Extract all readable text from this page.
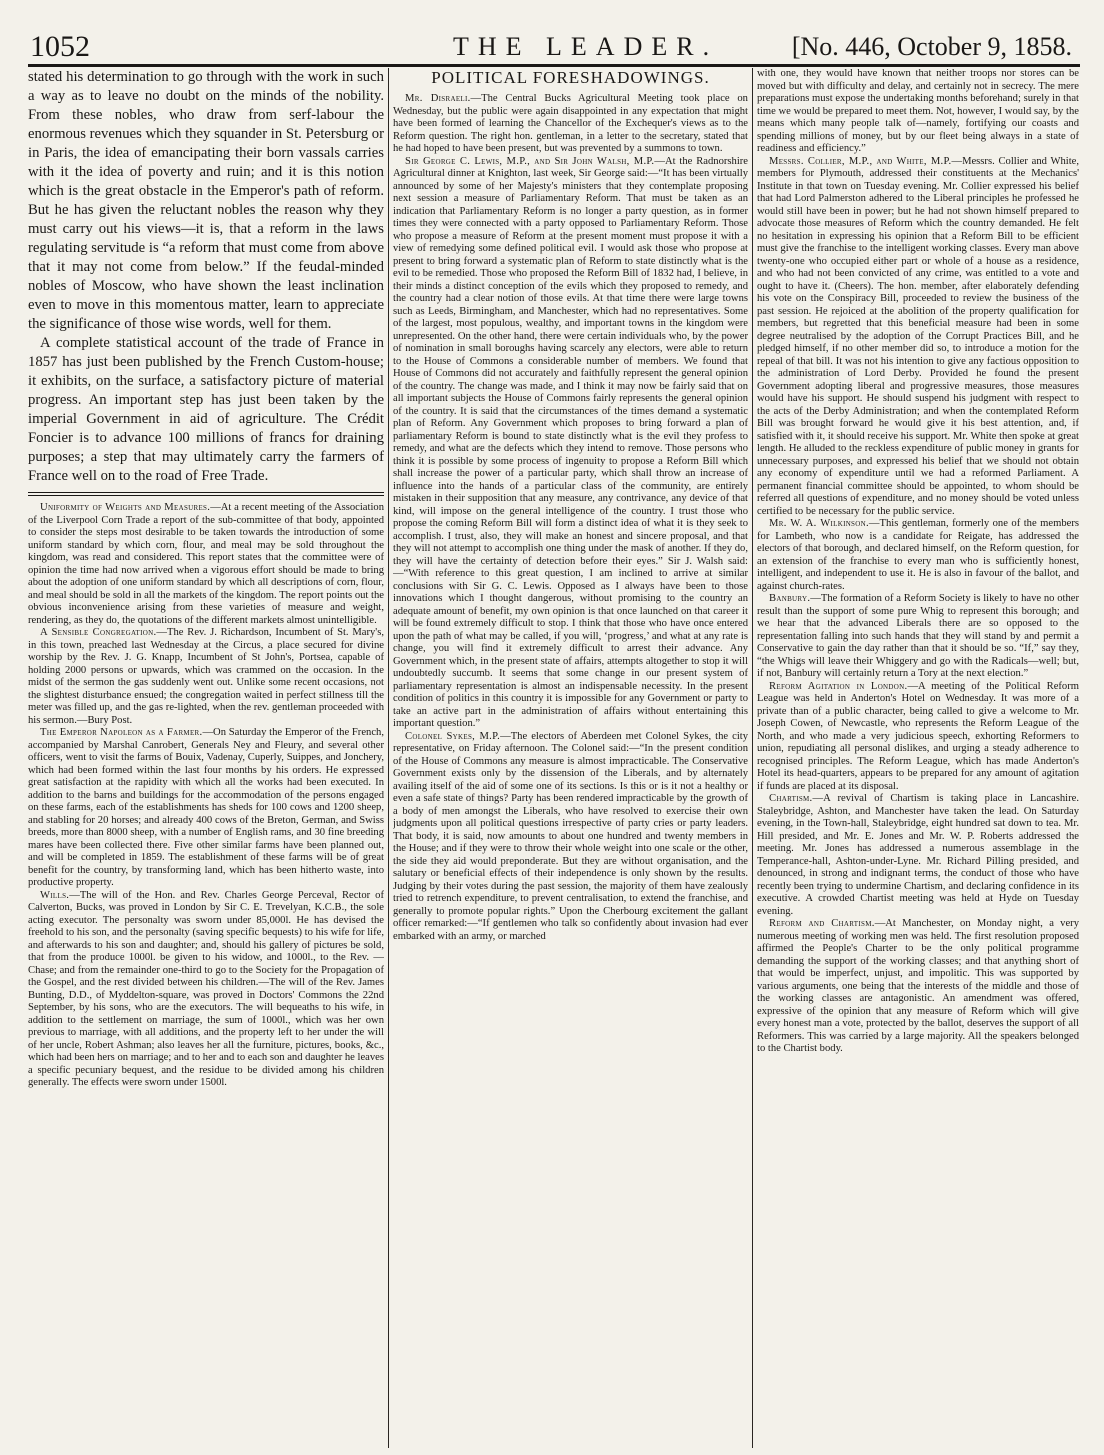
1052	THE LEADER.	[No. 446, October 9, 1858.

stated his determination to go through with the work in such a way as to leave no doubt on the minds of the nobility. From these nobles, who draw from serf-labour the enormous revenues which they squander in St. Petersburg or in Paris, the idea of emancipating their born vassals carries with it the idea of poverty and ruin; and it is this notion which is the great obstacle in the Emperor's path of reform. But he has given the reluctant nobles the reason why they must carry out his views—it is, that a reform in the laws regulating servitude is “a reform that must come from above that it may not come from below.” If the feudal-minded nobles of Moscow, who have shown the least inclination even to move in this momentous matter, learn to appreciate the significance of those wise words, well for them.

A complete statistical account of the trade of France in 1857 has just been published by the French Custom-house; it exhibits, on the surface, a satisfactory picture of material progress. An important step has just been taken by the imperial Government in aid of agriculture. The Crédit Foncier is to advance 100 millions of francs for draining purposes; a step that may ultimately carry the farmers of France well on to the road of Free Trade.

Uniformity of Weights and Measures.—At a recent meeting of the Association of the Liverpool Corn Trade a report of the sub-committee of that body, appointed to consider the steps most desirable to be taken towards the introduction of some uniform standard by which corn, flour, and meal may be sold throughout the kingdom, was read and considered. This report states that the committee were of opinion the time had now arrived when a vigorous effort should be made to bring about the adoption of one uniform standard by which all descriptions of corn, flour, and meal should be sold in all the markets of the kingdom. The report points out the obvious inconvenience arising from these varieties of measure and weight, rendering, as they do, the quotations of the different markets almost unintelligible.

A Sensible Congregation.—The Rev. J. Richardson, Incumbent of St. Mary's, in this town, preached last Wednesday at the Circus, a place secured for divine worship by the Rev. J. G. Knapp, Incumbent of St John's, Portsea, capable of holding 2000 persons or upwards, which was crammed on the occasion. In the midst of the sermon the gas suddenly went out. Unlike some recent occasions, not the slightest disturbance ensued; the congregation waited in perfect stillness till the meter was filled up, and the gas re-lighted, when the rev. gentleman proceeded with his sermon.—Bury Post.

The Emperor Napoleon as a Farmer.—On Saturday the Emperor of the French, accompanied by Marshal Canrobert, Generals Ney and Fleury, and several other officers, went to visit the farms of Bouix, Vadenay, Cuperly, Suippes, and Jonchery, which had been formed within the last four months by his orders. He expressed great satisfaction at the rapidity with which all the works had been executed. In addition to the barns and buildings for the accommodation of the persons engaged on these farms, each of the establishments has sheds for 100 cows and 1200 sheep, and stabling for 20 horses; and already 400 cows of the Breton, German, and Swiss breeds, more than 8000 sheep, with a number of English rams, and 30 fine breeding mares have been collected there. Five other similar farms have been planned out, and will be completed in 1859. The establishment of these farms will be of great benefit for the country, by transforming land, which has been hitherto waste, into productive property.

Wills.—The will of the Hon. and Rev. Charles George Perceval, Rector of Calverton, Bucks, was proved in London by Sir C. E. Trevelyan, K.C.B., the sole acting executor. The personalty was sworn under 85,000l. He has devised the freehold to his son, and the personalty (saving specific bequests) to his wife for life, and afterwards to his son and daughter; and, should his gallery of pictures be sold, that from the produce 1000l. be given to his widow, and 1000l., to the Rev. — Chase; and from the remainder one-third to go to the Society for the Propagation of the Gospel, and the rest divided between his children.—The will of the Rev. James Bunting, D.D., of Myddelton-square, was proved in Doctors' Commons the 22nd September, by his sons, who are the executors. The will bequeaths to his wife, in addition to the settlement on marriage, the sum of 1000l., which was her own previous to marriage, with all additions, and the property left to her under the will of her uncle, Robert Ashman; also leaves her all the furniture, pictures, books, &c., which had been hers on marriage; and to her and to each son and daughter he leaves a specific pecuniary bequest, and the residue to be divided among his children generally. The effects were sworn under 1500l.

POLITICAL FORESHADOWINGS.

Mr. Disraeli.—The Central Bucks Agricultural Meeting took place on Wednesday, but the public were again disappointed in any expectation that might have been formed of learning the Chancellor of the Exchequer's views as to the Reform question. The right hon. gentleman, in a letter to the secretary, stated that he had hoped to have been present, but was prevented by a summons to town.

Sir George C. Lewis, M.P., and Sir John Walsh, M.P.—At the Radnorshire Agricultural dinner at Knighton, last week, Sir George said:—“It has been virtually announced by some of her Majesty's ministers that they contemplate proposing next session a measure of Parliamentary Reform. That must be taken as an indication that Parliamentary Reform is no longer a party question, as in former times they were connected with a party opposed to Parliamentary Reform. Those who propose a measure of Reform at the present moment must propose it with a view of remedying some defined political evil. I would ask those who propose at present to bring forward a systematic plan of Reform to state distinctly what is the evil to be remedied. Those who proposed the Reform Bill of 1832 had, I believe, in their minds a distinct conception of the evils which they proposed to remedy, and the country had a clear notion of those evils. At that time there were large towns such as Leeds, Birmingham, and Manchester, which had no representatives. Some of the largest, most populous, wealthy, and important towns in the kingdom were unrepresented. On the other hand, there were certain individuals who, by the power of nomination in small boroughs having scarcely any electors, were able to return to the House of Commons a considerable number of members. We found that House of Commons did not accurately and faithfully represent the general opinion of the country. The change was made, and I think it may now be fairly said that on all important subjects the House of Commons fairly represents the general opinion of the country. It is said that the circumstances of the times demand a systematic plan of Reform. Any Government which proposes to bring forward a plan of parliamentary Reform is bound to state distinctly what is the evil they profess to remedy, and what are the defects which they intend to remove. Those persons who think it is possible by some process of ingenuity to propose a Reform Bill which shall increase the power of a particular party, which shall throw an increase of influence into the hands of a particular class of the community, are entirely mistaken in their supposition that any measure, any contrivance, any device of that kind, will impose on the general intelligence of the country. I trust those who propose the coming Reform Bill will form a distinct idea of what it is they seek to accomplish. I trust, also, they will make an honest and sincere proposal, and that they will not attempt to accomplish one thing under the mask of another. If they do, they will have the certainty of detection before their eyes.” Sir J. Walsh said:—“With reference to this great question, I am inclined to arrive at similar conclusions with Sir G. C. Lewis. Opposed as I always have been to those innovations which I thought dangerous, without promising to the country an adequate amount of benefit, my own opinion is that once launched on that career it will be found extremely difficult to stop. I think that those who have once entered upon the path of what may be called, if you will, ‘progress,’ and what at any rate is change, you will find it extremely difficult to arrest their advance. Any Government which, in the present state of affairs, attempts altogether to stop it will undoubtedly succumb. It seems that some change in our present system of parliamentary representation is almost an indispensable necessity. In the present condition of politics in this country it is impossible for any Government or party to take an active part in the administration of affairs without entertaining this important question.”

Colonel Sykes, M.P.—The electors of Aberdeen met Colonel Sykes, the city representative, on Friday afternoon. The Colonel said:—“In the present condition of the House of Commons any measure is almost impracticable. The Conservative Government exists only by the dissension of the Liberals, and by alternately availing itself of the aid of some one of its sections. Is this or is it not a healthy or even a safe state of things? Party has been rendered impracticable by the growth of a body of men amongst the Liberals, who have resolved to exercise their own judgments upon all political questions irrespective of party cries or party leaders. That body, it is said, now amounts to about one hundred and twenty members in the House; and if they were to throw their whole weight into one scale or the other, the side they aid would preponderate. But they are without organisation, and the salutary or beneficial effects of their independence is only shown by the results. Judging by their votes during the past session, the majority of them have zealously tried to retrench expenditure, to prevent centralisation, to extend the franchise, and generally to promote popular rights.” Upon the Cherbourg excitement the gallant officer remarked:—“If gentlemen who talk so confidently about invasion had ever embarked with an army, or marched

with one, they would have known that neither troops nor stores can be moved but with difficulty and delay, and certainly not in secrecy. The mere preparations must expose the undertaking months beforehand; surely in that time we would be prepared to meet them. Not, however, I would say, by the means which many people talk of—namely, fortifying our coasts and spending millions of money, but by our fleet being always in a state of readiness and efficiency.”

Messrs. Collier, M.P., and White, M.P.—Messrs. Collier and White, members for Plymouth, addressed their constituents at the Mechanics' Institute in that town on Tuesday evening. Mr. Collier expressed his belief that had Lord Palmerston adhered to the Liberal principles he professed he would still have been in power; but he had not shown himself prepared to advocate those measures of Reform which the country demanded. He felt no hesitation in expressing his opinion that a Reform Bill to be efficient must give the franchise to the intelligent working classes. Every man above twenty-one who occupied either part or whole of a house as a residence, and who had not been convicted of any crime, was entitled to a vote and ought to have it. (Cheers). The hon. member, after elaborately defending his vote on the Conspiracy Bill, proceeded to review the business of the past session. He rejoiced at the abolition of the property qualification for members, but regretted that this beneficial measure had been in some degree neutralised by the adoption of the Corrupt Practices Bill, and he pledged himself, if no other member did so, to introduce a motion for the repeal of that bill. It was not his intention to give any factious opposition to the administration of Lord Derby. Provided he found the present Government adopting liberal and progressive measures, those measures would have his support. He should suspend his judgment with respect to the acts of the Derby Administration; and when the contemplated Reform Bill was brought forward he would give it his best attention, and, if satisfied with it, it should receive his support. Mr. White then spoke at great length. He alluded to the reckless expenditure of public money in grants for unnecessary purposes, and expressed his belief that we should not obtain any economy of expenditure until we had a reformed Parliament. A permanent financial committee should be appointed, to whom should be referred all questions of expenditure, and no money should be voted unless certified to be necessary for the public service.

Mr. W. A. Wilkinson.—This gentleman, formerly one of the members for Lambeth, who now is a candidate for Reigate, has addressed the electors of that borough, and declared himself, on the Reform question, for an extension of the franchise to every man who is sufficiently honest, intelligent, and independent to use it. He is also in favour of the ballot, and against church-rates.

Banbury.—The formation of a Reform Society is likely to have no other result than the support of some pure Whig to represent this borough; and we hear that the advanced Liberals there are so opposed to the representation falling into such hands that they will stand by and permit a Conservative to gain the day rather than that it should be so. “If,” say they, “the Whigs will leave their Whiggery and go with the Radicals—well; but, if not, Banbury will certainly return a Tory at the next election.”

Reform Agitation in London.—A meeting of the Political Reform League was held in Anderton's Hotel on Wednesday. It was more of a private than of a public character, being called to give a welcome to Mr. Joseph Cowen, of Newcastle, who represents the Reform League of the North, and who made a very judicious speech, exhorting Reformers to union, repudiating all personal dislikes, and urging a steady adherence to recognised principles. The Reform League, which has made Anderton's Hotel its head-quarters, appears to be prepared for any amount of agitation if funds are placed at its disposal.

Chartism.—A revival of Chartism is taking place in Lancashire. Staleybridge, Ashton, and Manchester have taken the lead. On Saturday evening, in the Town-hall, Staleybridge, eight hundred sat down to tea. Mr. Hill presided, and Mr. E. Jones and Mr. W. P. Roberts addressed the meeting. Mr. Jones has addressed a numerous assemblage in the Temperance-hall, Ashton-under-Lyne. Mr. Richard Pilling presided, and denounced, in strong and indignant terms, the conduct of those who have recently been trying to undermine Chartism, and declaring confidence in its executive. A crowded Chartist meeting was held at Hyde on Tuesday evening.

Reform and Chartism.—At Manchester, on Monday night, a very numerous meeting of working men was held. The first resolution proposed affirmed the People's Charter to be the only political programme demanding the support of the working classes; and that anything short of that would be imperfect, unjust, and impolitic. This was supported by various arguments, one being that the interests of the middle and those of the working classes are antagonistic. An amendment was offered, expressive of the opinion that any measure of Reform which will give every honest man a vote, protected by the ballot, deserves the support of all Reformers. This was carried by a large majority. All the speakers belonged to the Chartist body.
